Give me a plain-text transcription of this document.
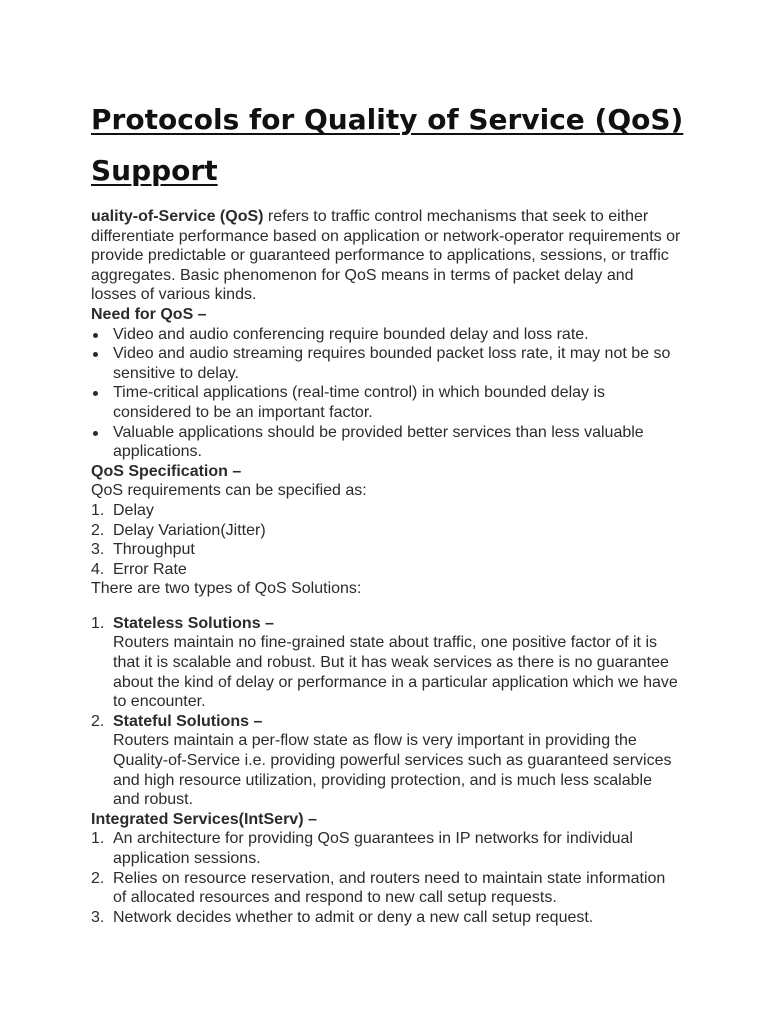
Protocols for Quality of Service (QoS) Support

uality-of-Service (QoS) refers to traffic control mechanisms that seek to either differentiate performance based on application or network-operator requirements or provide predictable or guaranteed performance to applications, sessions, or traffic aggregates. Basic phenomenon for QoS means in terms of packet delay and losses of various kinds.

Need for QoS –

Video and audio conferencing require bounded delay and loss rate.
Video and audio streaming requires bounded packet loss rate, it may not be so sensitive to delay.
Time-critical applications (real-time control) in which bounded delay is considered to be an important factor.
Valuable applications should be provided better services than less valuable applications.

QoS Specification –

QoS requirements can be specified as:

1. Delay
2. Delay Variation(Jitter)
3. Throughput
4. Error Rate

There are two types of QoS Solutions:

1. Stateless Solutions –
Routers maintain no fine-grained state about traffic, one positive factor of it is that it is scalable and robust. But it has weak services as there is no guarantee about the kind of delay or performance in a particular application which we have to encounter.
2. Stateful Solutions –
Routers maintain a per-flow state as flow is very important in providing the Quality-of-Service i.e. providing powerful services such as guaranteed services and high resource utilization, providing protection, and is much less scalable and robust.

Integrated Services(IntServ) –

1. An architecture for providing QoS guarantees in IP networks for individual application sessions.
2. Relies on resource reservation, and routers need to maintain state information of allocated resources and respond to new call setup requests.
3. Network decides whether to admit or deny a new call setup request.
